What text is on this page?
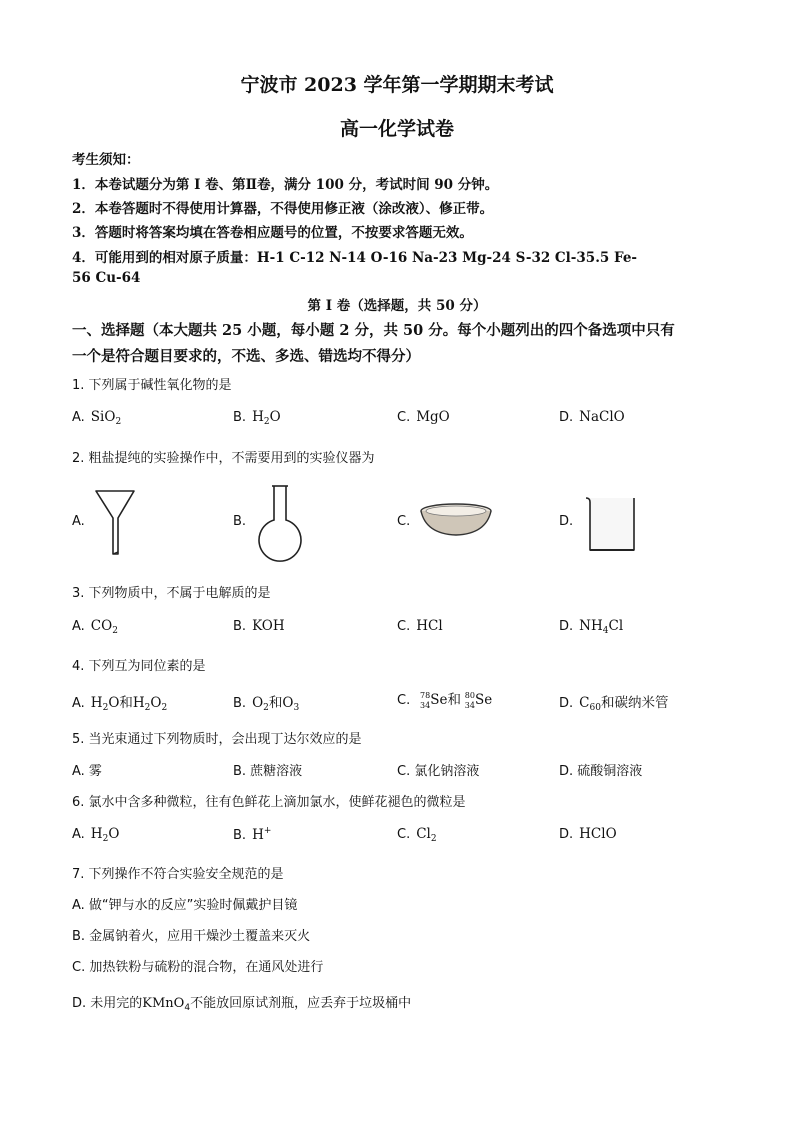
宁波市 2023 学年第一学期期末考试
高一化学试卷
考生须知：
1．本卷试题分为第 I 卷、第Ⅱ卷，满分 100 分，考试时间 90 分钟。
2．本卷答题时不得使用计算器，不得使用修正液（涂改液）、修正带。
3．答题时将答案均填在答卷相应题号的位置，不按要求答题无效。
4．可能用到的相对原子质量：H-1 C-12 N-14 O-16 Na-23 Mg-24 S-32 Cl-35.5 Fe-
56 Cu-64
第 I 卷（选择题，共 50 分）
一、选择题（本大题共 25 小题，每小题 2 分，共 50 分。每个小题列出的四个备选项中只有
一个是符合题目要求的，不选、多选、错选均不得分）
1. 下列属于碱性氧化物的是
A. SiO$_2$	B. $H_2O$	C. MgO	D. NaClO
2. 粗盐提纯的实验操作中，不需要用到的实验仪器为
A.	B.	C.	D.
3. 下列物质中，不属于电解质的是
A. $CO_2$	B. KOH	C. HCl	D. $NH_4Cl$
4. 下列互为同位素的是
A. $H_2O$和$H_2O_2$	B. $O_2$和$O_3$	C. 78
34 Se和 80
34 Se	D. $C_{60}$和碳纳米管
5. 当光束通过下列物质时，会出现丁达尔效应的是
A. 雾	B. 蔗糖溶液	C. 氯化钠溶液	D. 硫酸铜溶液
6. 氯水中含多种微粒，往有色鲜花上滴加氯水，使鲜花褪色的微粒是
A. $H_2O$	B. H+	C. $Cl_2$	D. HClO
7. 下列操作不符合实验安全规范的是
A. 做“钾与水的反应”实验时佩戴护目镜
B. 金属钠着火，应用干燥沙土覆盖来灭火
C. 加热铁粉与硫粉的混合物，在通风处进行
D. 未用完的KMnO$_4$不能放回原试剂瓶，应丢弃于垃圾桶中
